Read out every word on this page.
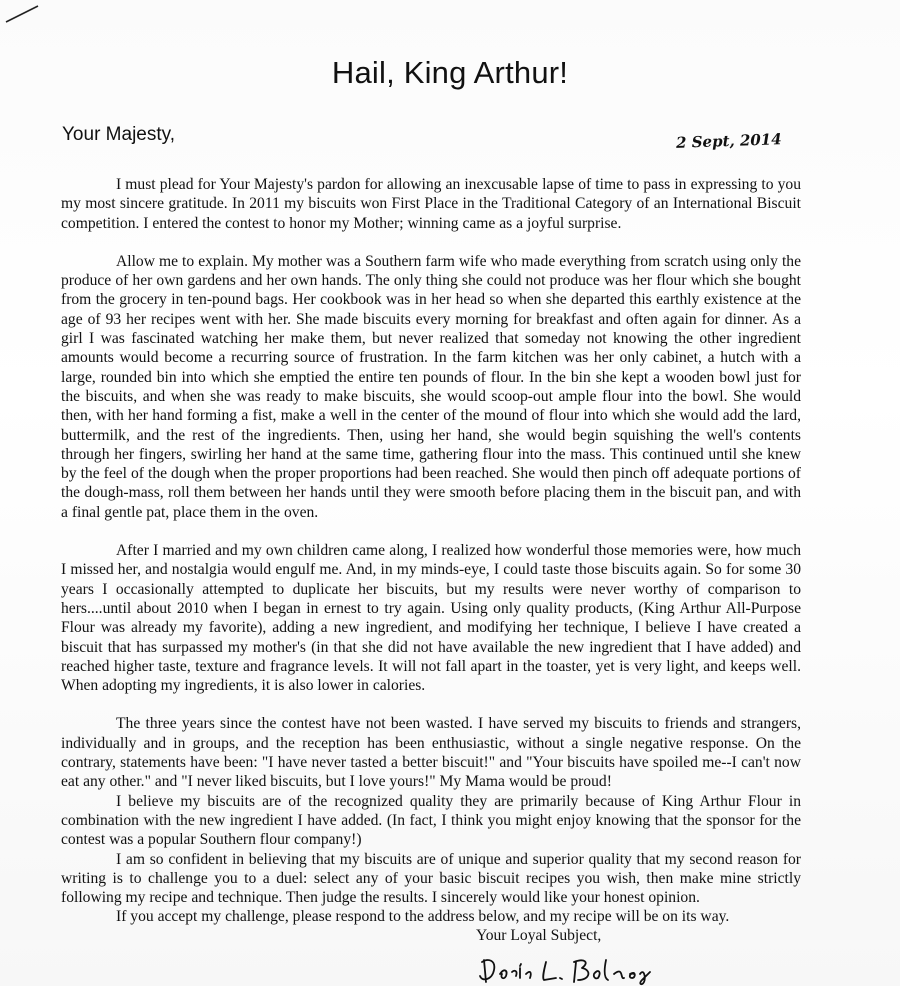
Hail, King Arthur!
Your Majesty,	2 Sept, 2014

I must plead for Your Majesty's pardon for allowing an inexcusable lapse of time to pass in expressing to you my most sincere gratitude. In 2011 my biscuits won First Place in the Traditional Category of an International Biscuit competition. I entered the contest to honor my Mother; winning came as a joyful surprise.

Allow me to explain. My mother was a Southern farm wife who made everything from scratch using only the produce of her own gardens and her own hands. The only thing she could not produce was her flour which she bought from the grocery in ten-pound bags. Her cookbook was in her head so when she departed this earthly existence at the age of 93 her recipes went with her. She made biscuits every morning for breakfast and often again for dinner. As a girl I was fascinated watching her make them, but never realized that someday not knowing the other ingredient amounts would become a recurring source of frustration. In the farm kitchen was her only cabinet, a hutch with a large, rounded bin into which she emptied the entire ten pounds of flour. In the bin she kept a wooden bowl just for the biscuits, and when she was ready to make biscuits, she would scoop-out ample flour into the bowl. She would then, with her hand forming a fist, make a well in the center of the mound of flour into which she would add the lard, buttermilk, and the rest of the ingredients. Then, using her hand, she would begin squishing the well's contents through her fingers, swirling her hand at the same time, gathering flour into the mass. This continued until she knew by the feel of the dough when the proper proportions had been reached. She would then pinch off adequate portions of the dough-mass, roll them between her hands until they were smooth before placing them in the biscuit pan, and with a final gentle pat, place them in the oven.

After I married and my own children came along, I realized how wonderful those memories were, how much I missed her, and nostalgia would engulf me. And, in my minds-eye, I could taste those biscuits again. So for some 30 years I occasionally attempted to duplicate her biscuits, but my results were never worthy of comparison to hers....until about 2010 when I began in ernest to try again. Using only quality products, (King Arthur All-Purpose Flour was already my favorite), adding a new ingredient, and modifying her technique, I believe I have created a biscuit that has surpassed my mother's (in that she did not have available the new ingredient that I have added) and reached higher taste, texture and fragrance levels. It will not fall apart in the toaster, yet is very light, and keeps well. When adopting my ingredients, it is also lower in calories.

The three years since the contest have not been wasted. I have served my biscuits to friends and strangers, individually and in groups, and the reception has been enthusiastic, without a single negative response. On the contrary, statements have been: "I have never tasted a better biscuit!" and "Your biscuits have spoiled me--I can't now eat any other." and "I never liked biscuits, but I love yours!" My Mama would be proud!

I believe my biscuits are of the recognized quality they are primarily because of King Arthur Flour in combination with the new ingredient I have added. (In fact, I think you might enjoy knowing that the sponsor for the contest was a popular Southern flour company!)

I am so confident in believing that my biscuits are of unique and superior quality that my second reason for writing is to challenge you to a duel: select any of your basic biscuit recipes you wish, then make mine strictly following my recipe and technique. Then judge the results. I sincerely would like your honest opinion.

If you accept my challenge, please respond to the address below, and my recipe will be on its way.

Your Loyal Subject,
